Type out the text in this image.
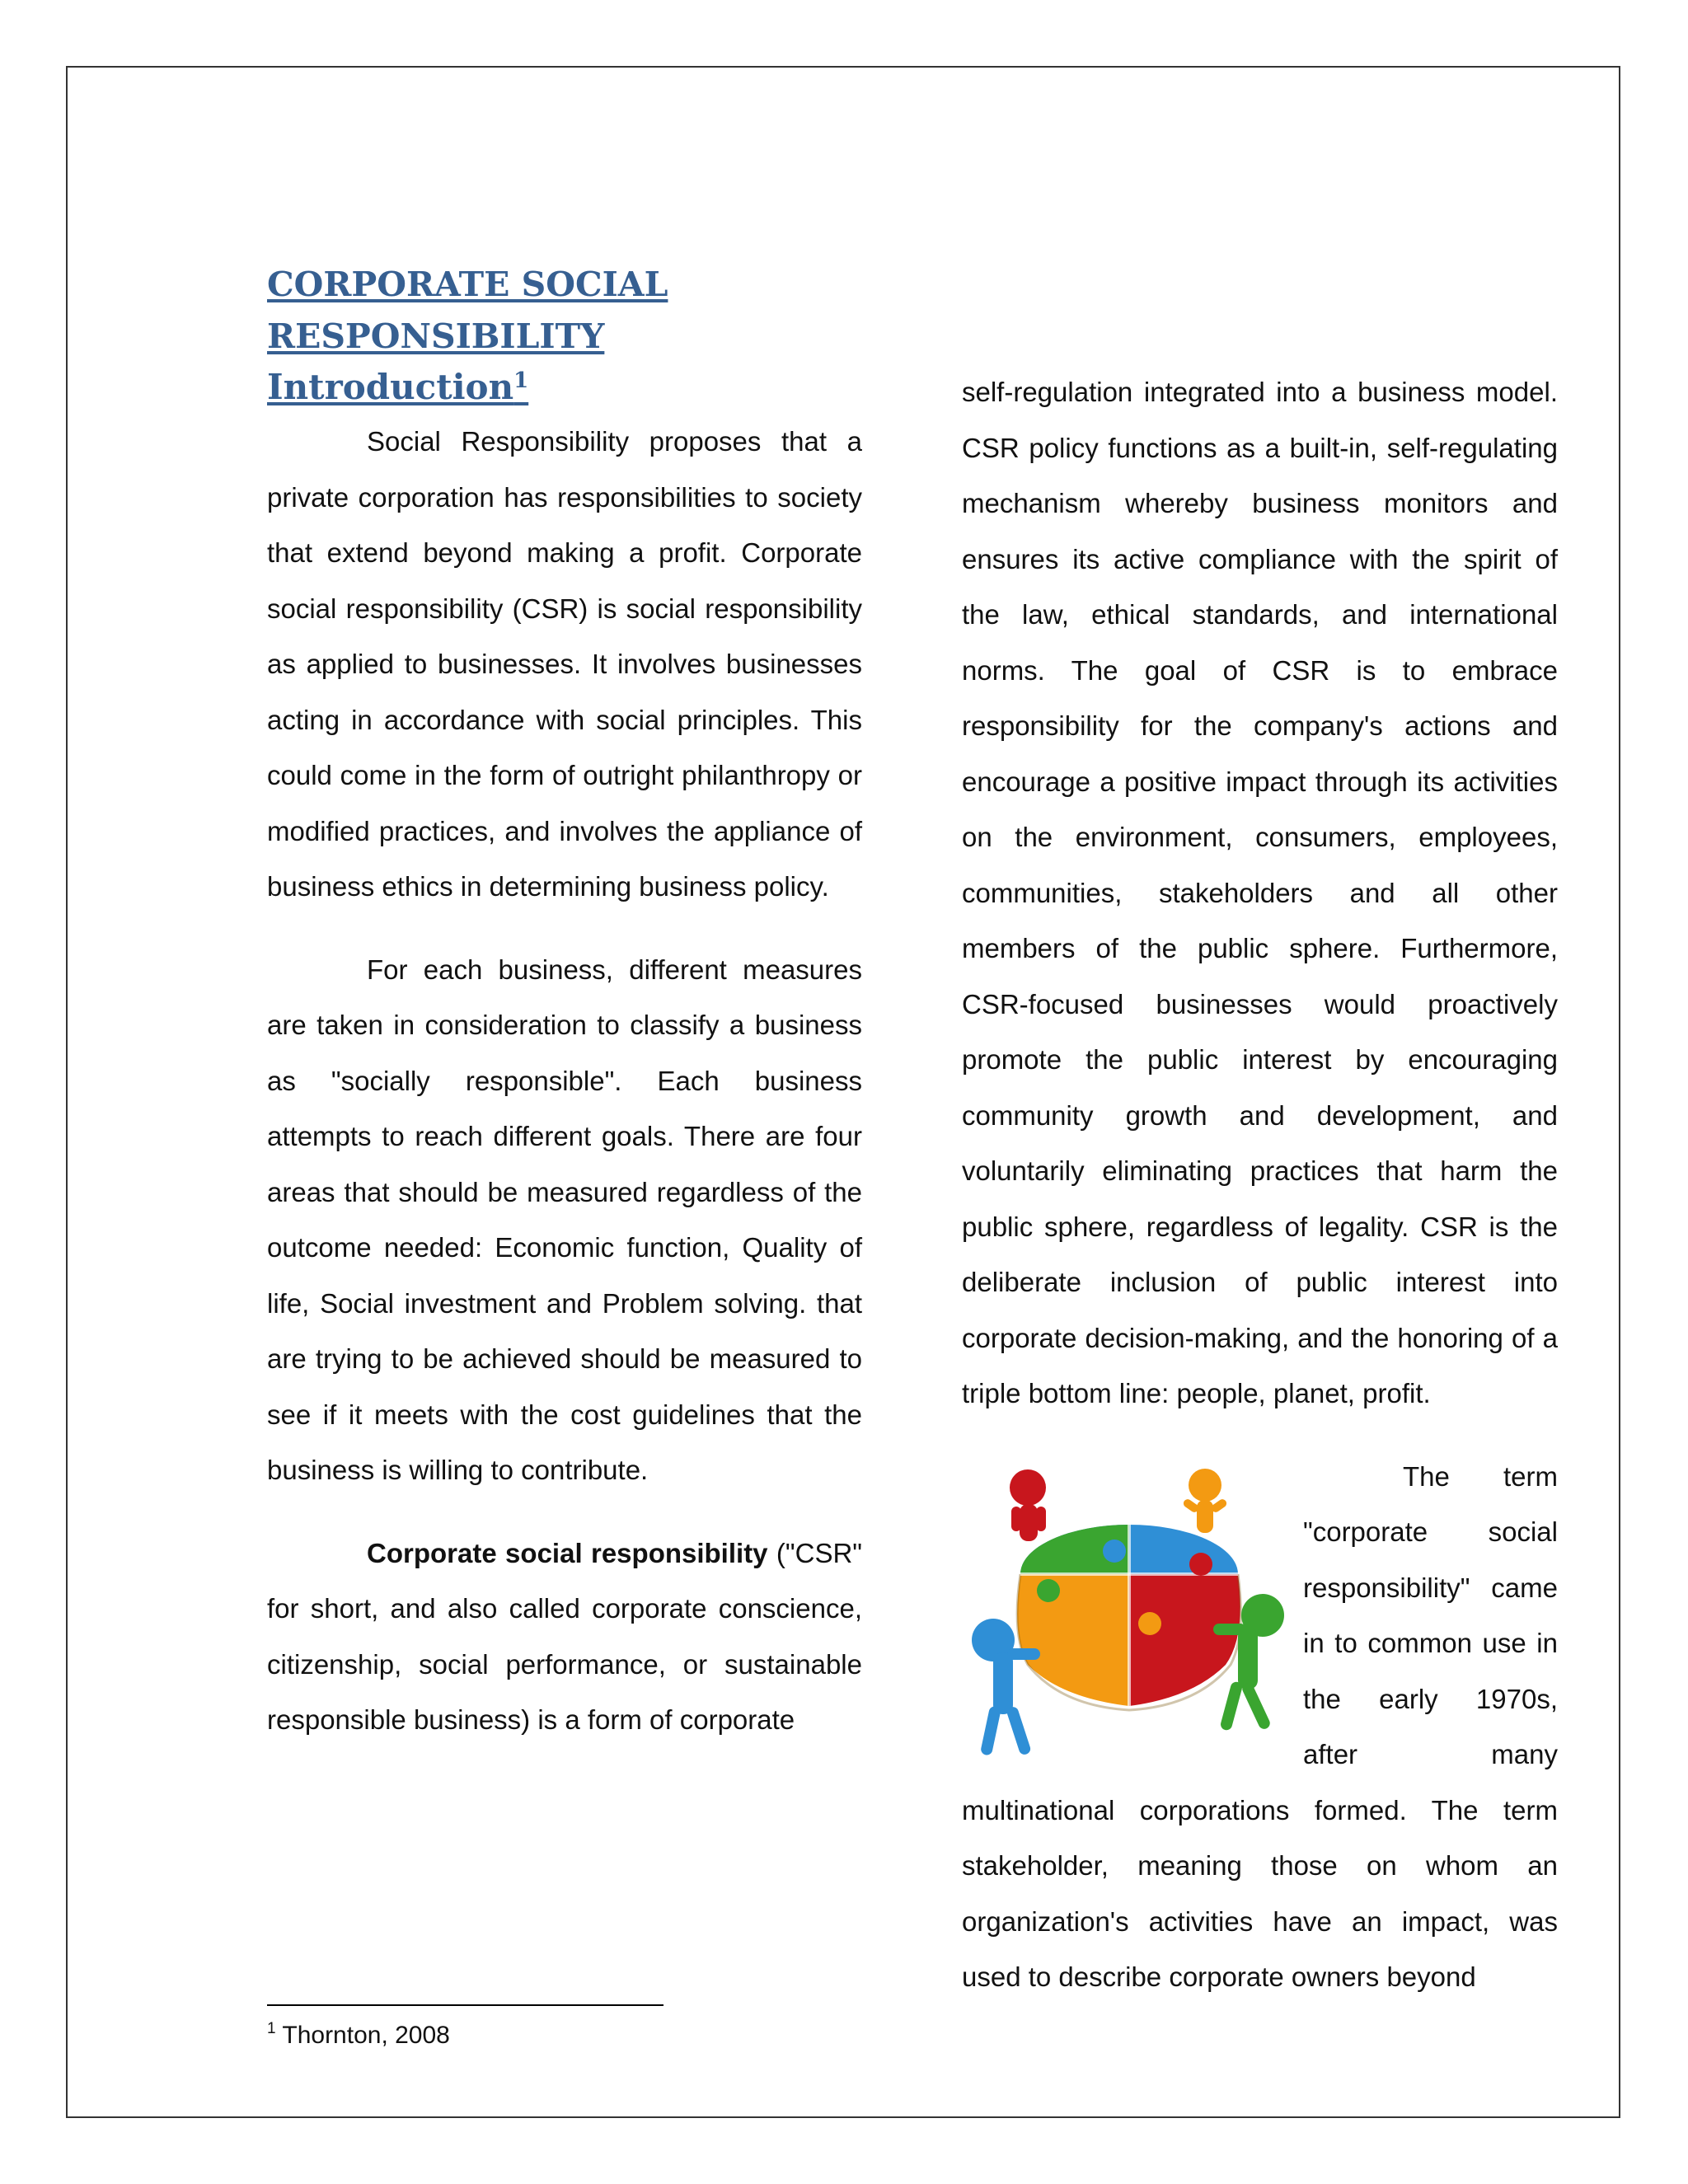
CORPORATE SOCIAL
RESPONSIBILITY

Introduction$^1$

Social Responsibility proposes that a private corporation has responsibilities to society that extend beyond making a profit. Corporate social responsibility (CSR) is social responsibility as applied to businesses. It involves businesses acting in accordance with social principles. This could come in the form of outright philanthropy or modified practices, and involves the appliance of business ethics in determining business policy.

For each business, different measures are taken in consideration to classify a business as "socially responsible". Each business attempts to reach different goals. There are four areas that should be measured regardless of the outcome needed: Economic function, Quality of life, Social investment and Problem solving. that are trying to be achieved should be measured to see if it meets with the cost guidelines that the business is willing to contribute.

Corporate social responsibility ("CSR" for short, and also called corporate conscience, citizenship, social performance, or sustainable responsible business) is a form of corporate

$^1$ Thornton, 2008

self-regulation integrated into a business model. CSR policy functions as a built-in, self-regulating mechanism whereby business monitors and ensures its active compliance with the spirit of the law, ethical standards, and international norms. The goal of CSR is to embrace responsibility for the company's actions and encourage a positive impact through its activities on the environment, consumers, employees, communities, stakeholders and all other members of the public sphere. Furthermore, CSR-focused businesses would proactively promote the public interest by encouraging community growth and development, and voluntarily eliminating practices that harm the public sphere, regardless of legality. CSR is the deliberate inclusion of public interest into corporate decision-making, and the honoring of a triple bottom line: people, planet, profit.

The term "corporate social responsibility" came in to common use in the early 1970s, after many multinational corporations formed. The term stakeholder, meaning those on whom an organization's activities have an impact, was used to describe corporate owners beyond
